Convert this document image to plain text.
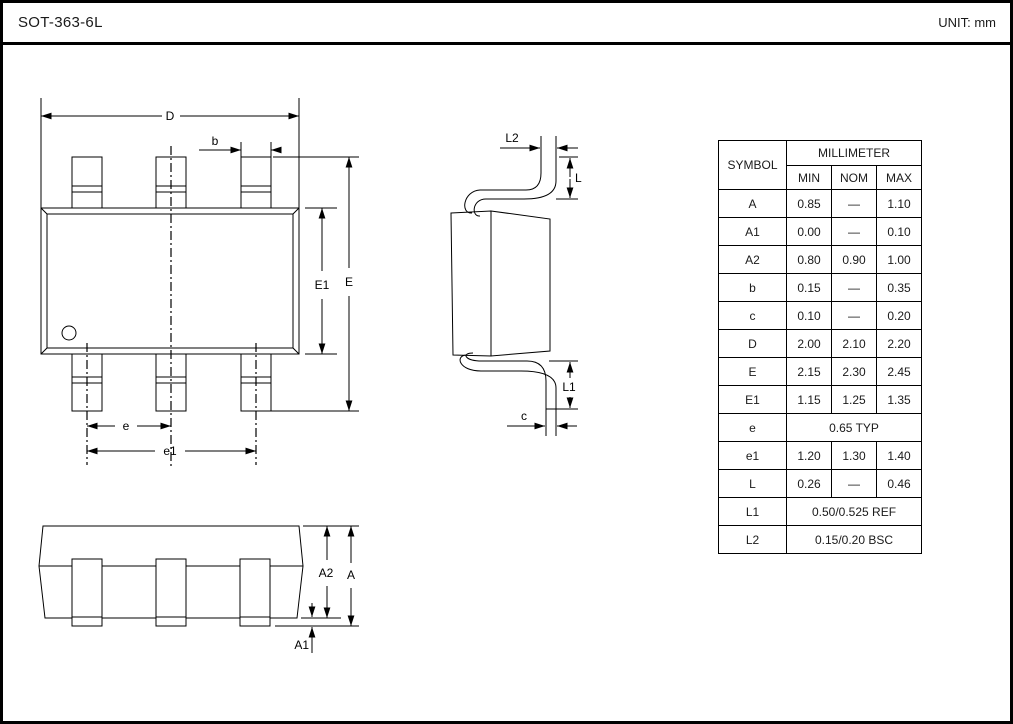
SOT-363-6L	UNIT: mm
D
b
E1 E
e
e1
L2
L
L1
c
A2 A
A1
SYMBOL	MILLIMETER		
	MIN	NOM	MAX
A	0.85	—	1.10
A1	0.00	—	0.10
A2	0.80	0.90	1.00
b	0.15	—	0.35
c	0.10	—	0.20
D	2.00	2.10	2.20
E	2.15	2.30	2.45
E1	1.15	1.25	1.35
e	0.65 TYP		
e1	1.20	1.30	1.40
L	0.26	—	0.46
L1	0.50/0.525 REF		
L2	0.15/0.20 BSC		
